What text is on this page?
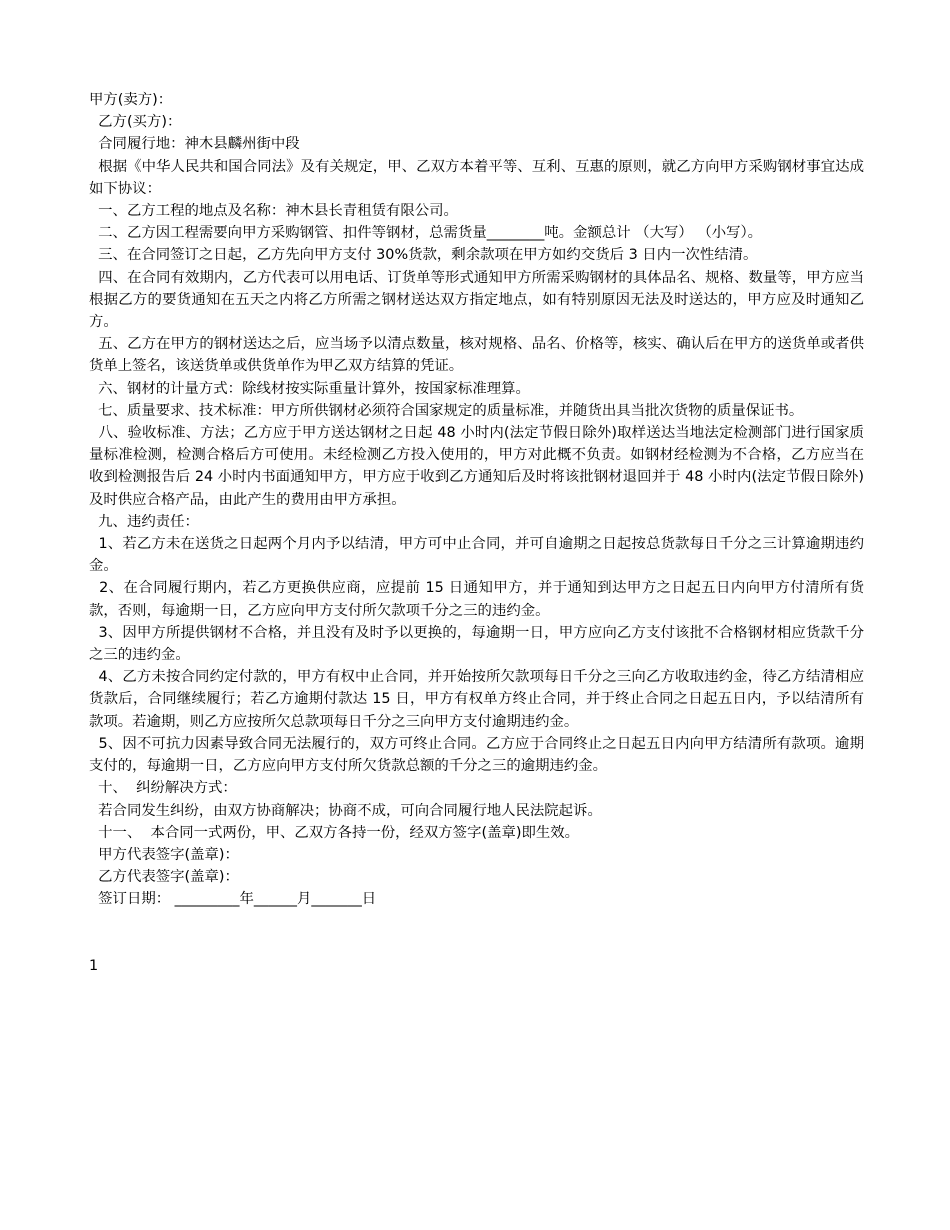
甲方(卖方)：

乙方(买方)：

合同履行地：神木县麟州街中段

根据《中华人民共和国合同法》及有关规定，甲、乙双方本着平等、互利、互惠的原则，就乙方向甲方采购钢材事宜达成如下协议：

一、乙方工程的地点及名称：神木县长青租赁有限公司。

二、乙方因工程需要向甲方采购钢管、扣件等钢材，总需货量________吨。金额总计 （大写） （小写）。

三、在合同签订之日起，乙方先向甲方支付 30%货款，剩余款项在甲方如约交货后 3 日内一次性结清。

四、在合同有效期内，乙方代表可以用电话、订货单等形式通知甲方所需采购钢材的具体品名、规格、数量等，甲方应当根据乙方的要货通知在五天之内将乙方所需之钢材送达双方指定地点，如有特别原因无法及时送达的，甲方应及时通知乙方。

五、乙方在甲方的钢材送达之后，应当场予以清点数量，核对规格、品名、价格等，核实、确认后在甲方的送货单或者供货单上签名，该送货单或供货单作为甲乙双方结算的凭证。

六、钢材的计量方式：除线材按实际重量计算外，按国家标准理算。

七、质量要求、技术标准：甲方所供钢材必须符合国家规定的质量标准，并随货出具当批次货物的质量保证书。

八、验收标准、方法；乙方应于甲方送达钢材之日起 48 小时内(法定节假日除外)取样送达当地法定检测部门进行国家质量标准检测，检测合格后方可使用。未经检测乙方投入使用的，甲方对此概不负责。如钢材经检测为不合格，乙方应当在收到检测报告后 24 小时内书面通知甲方，甲方应于收到乙方通知后及时将该批钢材退回并于 48 小时内(法定节假日除外)及时供应合格产品，由此产生的费用由甲方承担。

九、违约责任：

1、若乙方未在送货之日起两个月内予以结清，甲方可中止合同，并可自逾期之日起按总货款每日千分之三计算逾期违约金。

2、在合同履行期内，若乙方更换供应商，应提前 15 日通知甲方，并于通知到达甲方之日起五日内向甲方付清所有货款，否则，每逾期一日，乙方应向甲方支付所欠款项千分之三的违约金。

3、因甲方所提供钢材不合格，并且没有及时予以更换的，每逾期一日，甲方应向乙方支付该批不合格钢材相应货款千分之三的违约金。

4、乙方未按合同约定付款的，甲方有权中止合同，并开始按所欠款项每日千分之三向乙方收取违约金，待乙方结清相应货款后，合同继续履行；若乙方逾期付款达 15 日，甲方有权单方终止合同，并于终止合同之日起五日内，予以结清所有款项。若逾期，则乙方应按所欠总款项每日千分之三向甲方支付逾期违约金。

5、因不可抗力因素导致合同无法履行的，双方可终止合同。乙方应于合同终止之日起五日内向甲方结清所有款项。逾期支付的，每逾期一日，乙方应向甲方支付所欠货款总额的千分之三的逾期违约金。

十、  纠纷解决方式：

若合同发生纠纷，由双方协商解决；协商不成，可向合同履行地人民法院起诉。

十一、  本合同一式两份，甲、乙双方各持一份，经双方签字(盖章)即生效。

甲方代表签字(盖章)：

乙方代表签字(盖章)：

签订日期： _________年______月_______日

1
